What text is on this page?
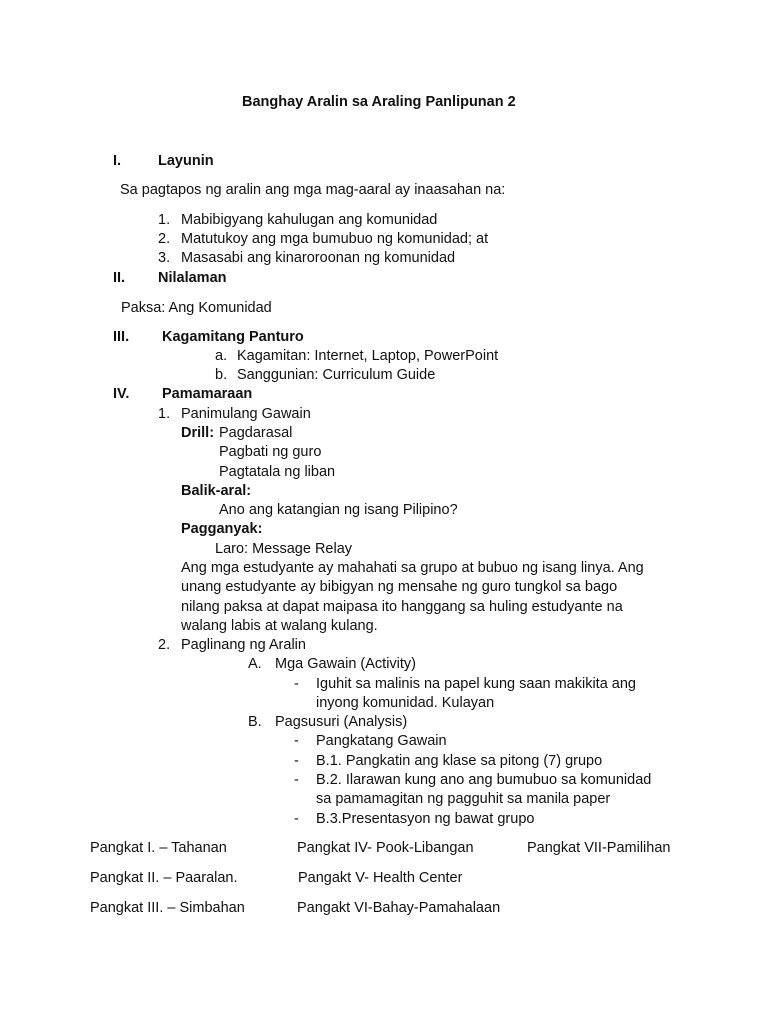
Banghay Aralin sa Araling Panlipunan 2
I.	Layunin
Sa pagtapos ng aralin ang mga mag-aaral ay inaasahan na:
1. Mabibigyang kahulugan ang komunidad
2. Matutukoy ang mga bumubuo ng komunidad; at
3. Masasabi ang kinaroroonan ng komunidad
II. Nilalaman
Paksa: Ang Komunidad
III. Kagamitang Panturo
a. Kagamitan: Internet, Laptop, PowerPoint
b. Sanggunian: Curriculum Guide
IV. Pamamaraan
1. Panimulang Gawain
Drill: Pagdarasal
Pagbati ng guro
Pagtatala ng liban
Balik-aral:
Ano ang katangian ng isang Pilipino?
Pagganyak:
Laro: Message Relay
Ang mga estudyante ay mahahati sa grupo at bubuo ng isang linya. Ang
unang estudyante ay bibigyan ng mensahe ng guro tungkol sa bago
nilang paksa at dapat maipasa ito hanggang sa huling estudyante na
walang labis at walang kulang.
2. Paglinang ng Aralin
A. Mga Gawain (Activity)
- Iguhit sa malinis na papel kung saan makikita ang
inyong komunidad. Kulayan
B. Pagsusuri (Analysis)
- Pangkatang Gawain
- B.1. Pangkatin ang klase sa pitong (7) grupo
- B.2. Ilarawan kung ano ang bumubuo sa komunidad
sa pamamagitan ng pagguhit sa manila paper
- B.3.Presentasyon ng bawat grupo
Pangkat I. – Tahanan	Pangkat IV- Pook-Libangan	Pangkat VII-Pamilihan
Pangkat II. – Paaralan.	Pangakt V- Health Center
Pangkat III. – Simbahan	Pangakt VI-Bahay-Pamahalaan
